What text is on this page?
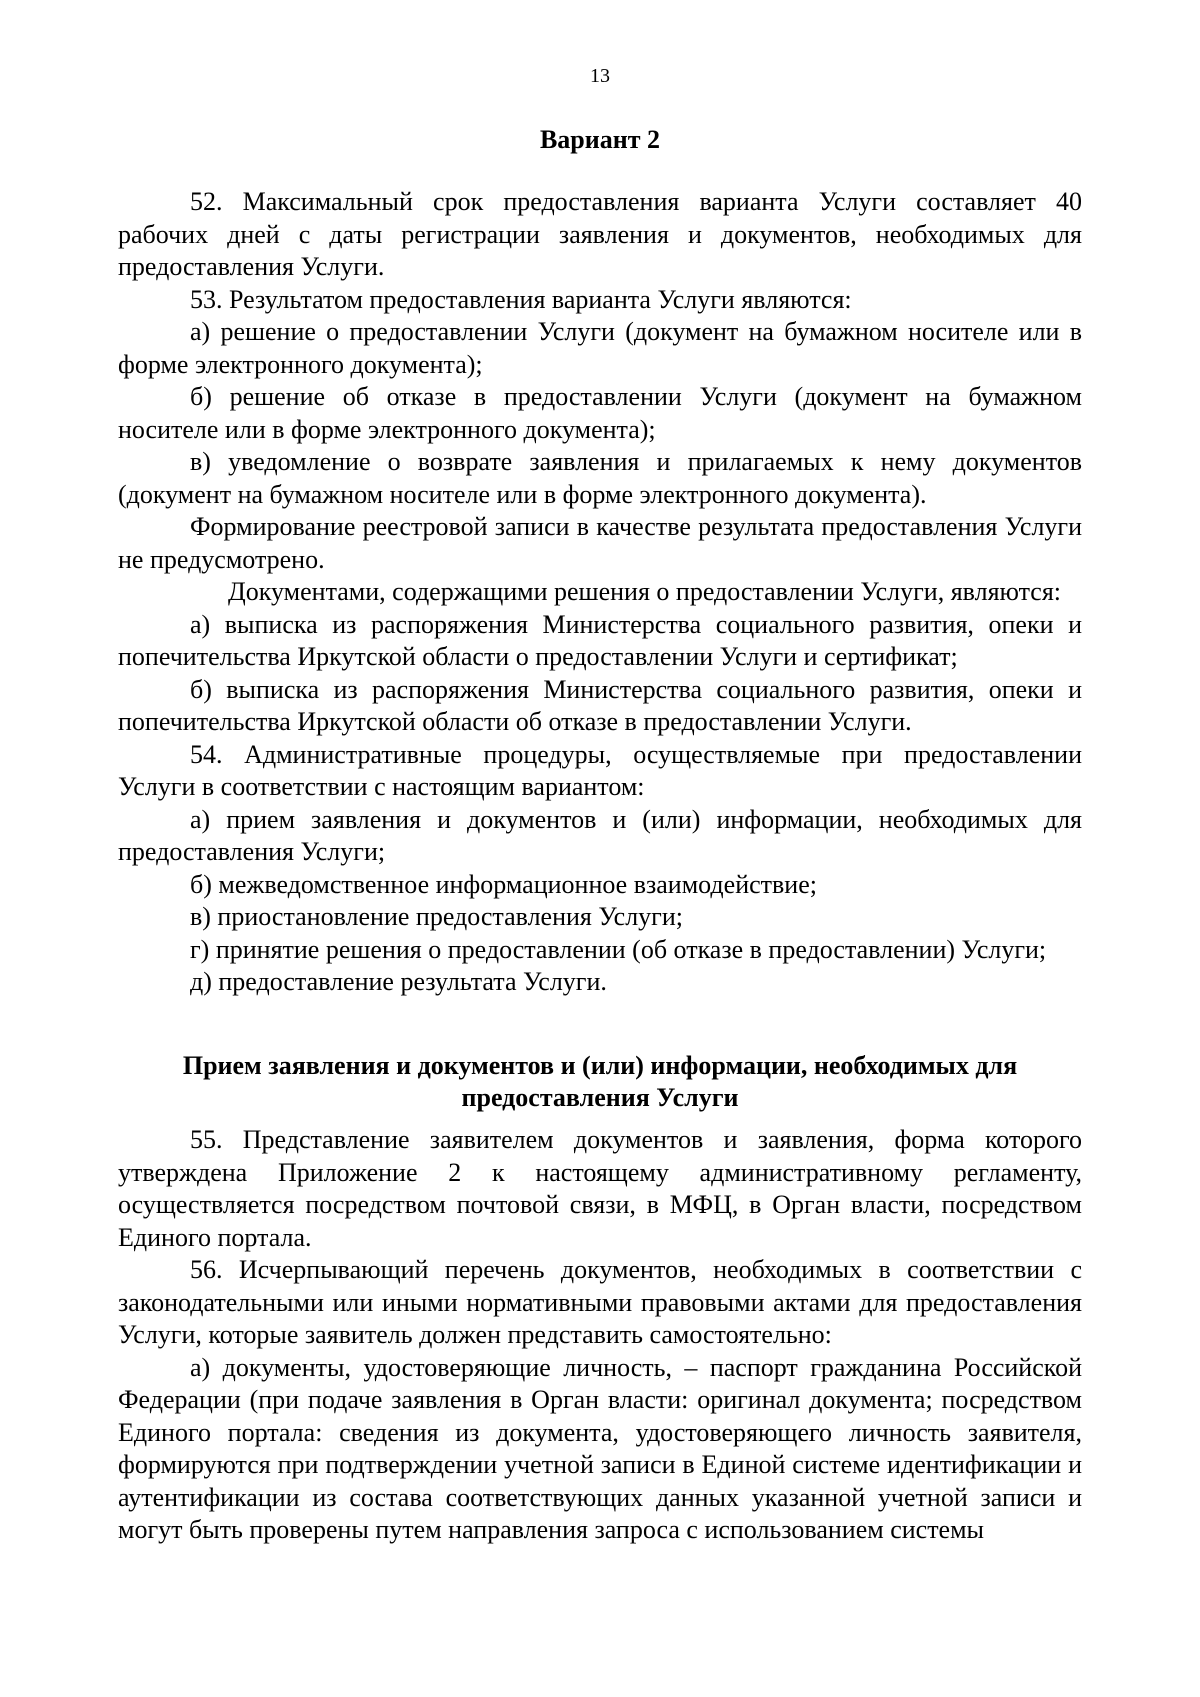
13
Вариант 2

52. Максимальный срок предоставления варианта Услуги составляет 40 рабочих дней с даты регистрации заявления и документов, необходимых для предоставления Услуги.

53. Результатом предоставления варианта Услуги являются:

а) решение о предоставлении Услуги (документ на бумажном носителе или в форме электронного документа);

б) решение об отказе в предоставлении Услуги (документ на бумажном носителе или в форме электронного документа);

в) уведомление о возврате заявления и прилагаемых к нему документов (документ на бумажном носителе или в форме электронного документа).

Формирование реестровой записи в качестве результата предоставления Услуги не предусмотрено.

Документами, содержащими решения о предоставлении Услуги, являются:

а) выписка из распоряжения Министерства социального развития, опеки и попечительства Иркутской области о предоставлении Услуги и сертификат;

б) выписка из распоряжения Министерства социального развития, опеки и попечительства Иркутской области об отказе в предоставлении Услуги.

54. Административные процедуры, осуществляемые при предоставлении Услуги в соответствии с настоящим вариантом:

а) прием заявления и документов и (или) информации, необходимых для предоставления Услуги;

б) межведомственное информационное взаимодействие;

в) приостановление предоставления Услуги;

г) принятие решения о предоставлении (об отказе в предоставлении) Услуги;

д) предоставление результата Услуги.

Прием заявления и документов и (или) информации, необходимых для
предоставления Услуги

55. Представление заявителем документов и заявления, форма которого утверждена Приложение 2 к настоящему административному регламенту, осуществляется посредством почтовой связи, в МФЦ, в Орган власти, посредством Единого портала.

56. Исчерпывающий перечень документов, необходимых в соответствии с законодательными или иными нормативными правовыми актами для предоставления Услуги, которые заявитель должен представить самостоятельно:

а) документы, удостоверяющие личность, – паспорт гражданина Российской Федерации (при подаче заявления в Орган власти: оригинал документа; посредством Единого портала: сведения из документа, удостоверяющего личность заявителя, формируются при подтверждении учетной записи в Единой системе идентификации и аутентификации из состава соответствующих данных указанной учетной записи и могут быть проверены путем направления запроса с использованием системы
